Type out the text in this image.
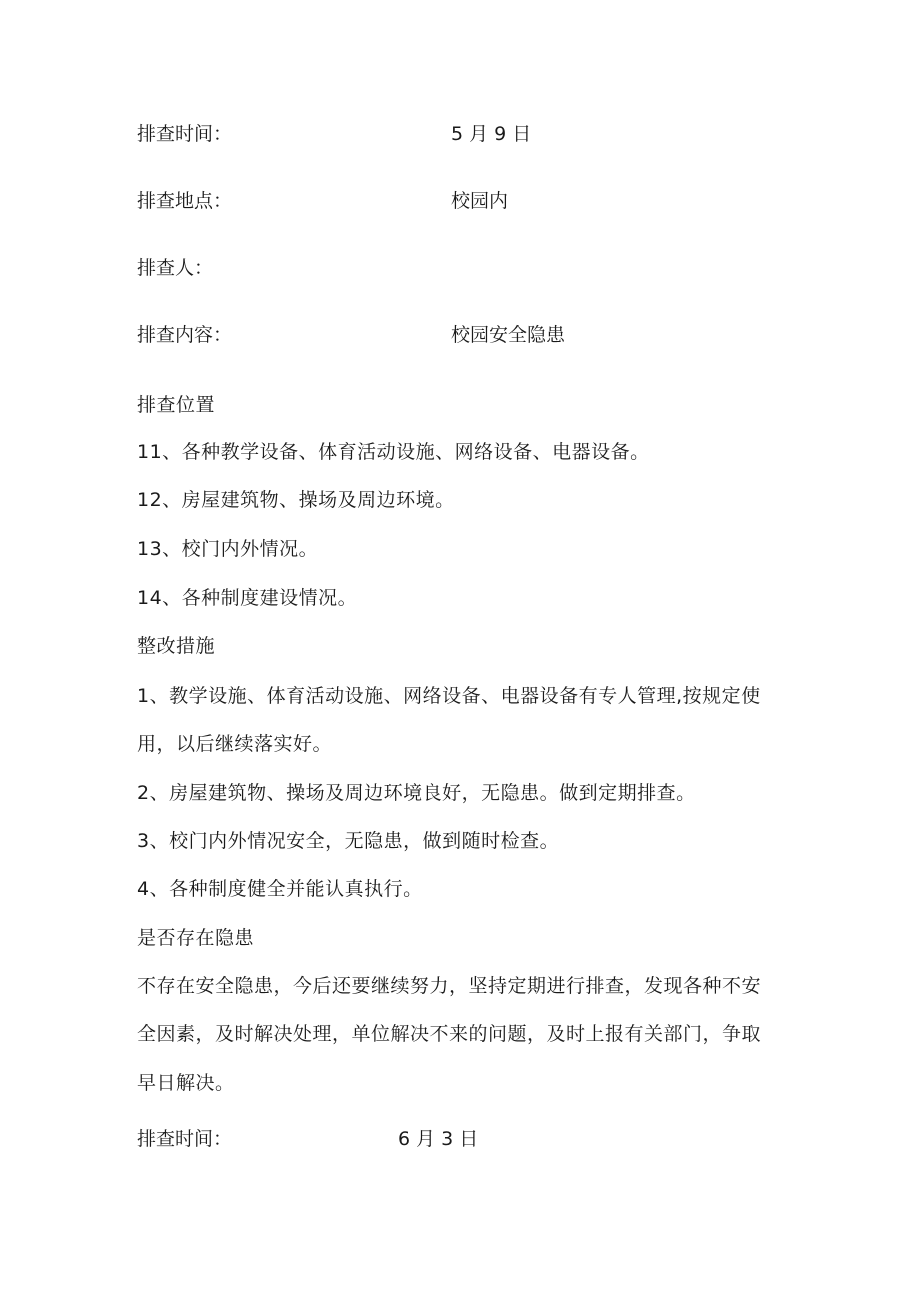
排查时间：	5 月 9 日
排查地点：	校园内
排查人：
排查内容：	校园安全隐患
排查位置
11、各种教学设备、体育活动设施、网络设备、电器设备。
12、房屋建筑物、操场及周边环境。
13、校门内外情况。
14、各种制度建设情况。
整改措施
1、教学设施、体育活动设施、网络设备、电器设备有专人管理,按规定使
用，以后继续落实好。
2、房屋建筑物、操场及周边环境良好，无隐患。做到定期排查。
3、校门内外情况安全，无隐患，做到随时检查。
4、各种制度健全并能认真执行。
是否存在隐患
不存在安全隐患，今后还要继续努力，坚持定期进行排查，发现各种不安
全因素，及时解决处理，单位解决不来的问题，及时上报有关部门，争取
早日解决。
排查时间：	6 月 3 日
